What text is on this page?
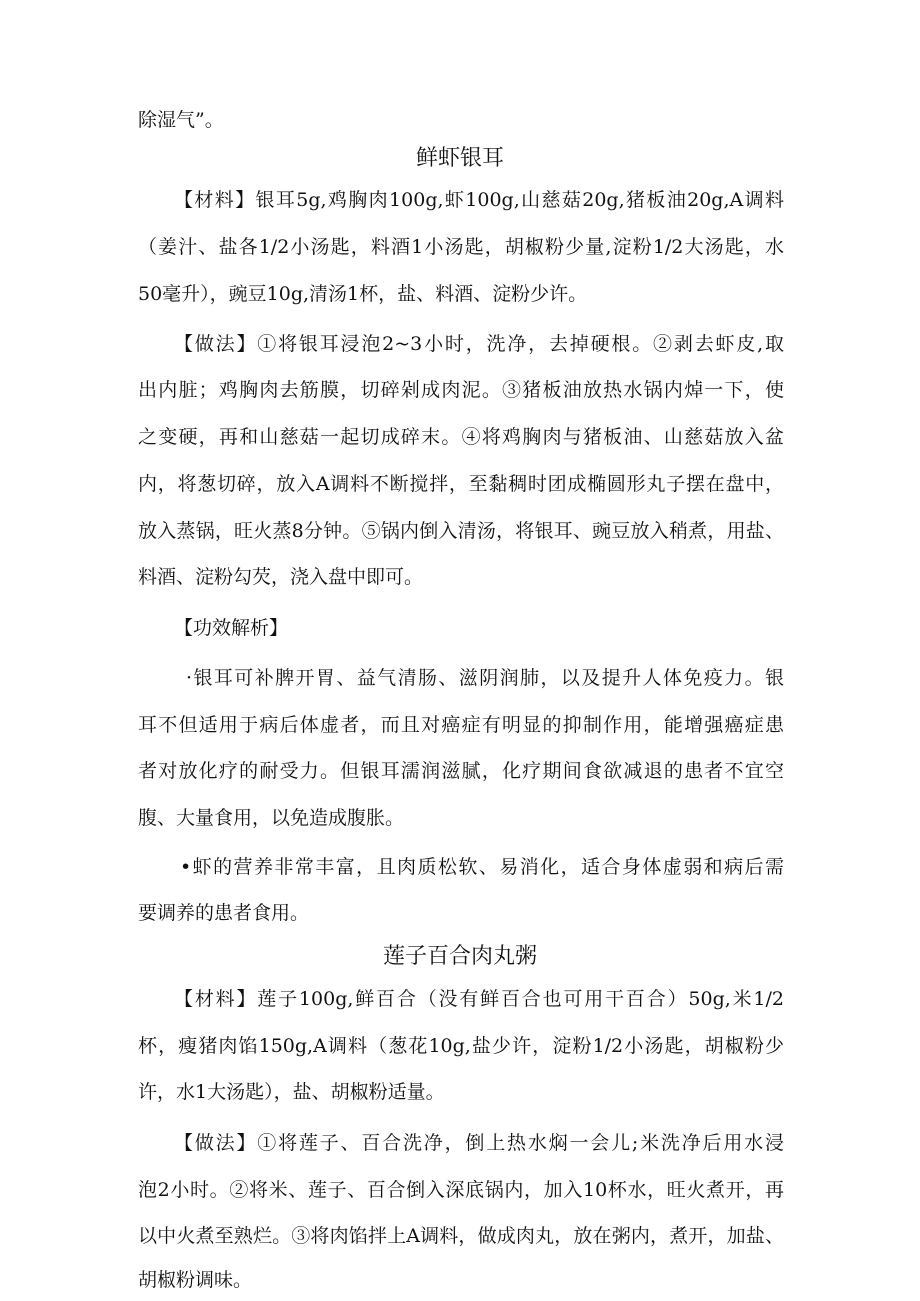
除湿气”。
鲜虾银耳
【材料】银耳5g,鸡胸肉100g,虾100g,山慈菇20g,猪板油20g,A调料
（姜汁、盐各1/2小汤匙，料酒1小汤匙，胡椒粉少量,淀粉1/2大汤匙，水
50毫升），豌豆10g,清汤1杯，盐、料酒、淀粉少许。
【做法】①将银耳浸泡2~3小时，洗净，去掉硬根。②剥去虾皮,取
出内脏；鸡胸肉去筋膜，切碎剁成肉泥。③猪板油放热水锅内焯一下，使
之变硬，再和山慈菇一起切成碎末。④将鸡胸肉与猪板油、山慈菇放入盆
内，将葱切碎，放入A调料不断搅拌，至黏稠时团成椭圆形丸子摆在盘中，
放入蒸锅，旺火蒸8分钟。⑤锅内倒入清汤，将银耳、豌豆放入稍煮，用盐、
料酒、淀粉勾芡，浇入盘中即可。
【功效解析】
·银耳可补脾开胃、益气清肠、滋阴润肺，以及提升人体免疫力。银
耳不但适用于病后体虚者，而且对癌症有明显的抑制作用，能增强癌症患
者对放化疗的耐受力。但银耳濡润滋腻，化疗期间食欲减退的患者不宜空
腹、大量食用，以免造成腹胀。
•虾的营养非常丰富，且肉质松软、易消化，适合身体虚弱和病后需
要调养的患者食用。
莲子百合肉丸粥
【材料】莲子100g,鲜百合（没有鲜百合也可用干百合）50g,米1/2
杯，瘦猪肉馅150g,A调料（葱花10g,盐少许，淀粉1/2小汤匙，胡椒粉少
许，水1大汤匙），盐、胡椒粉适量。
【做法】①将莲子、百合洗净，倒上热水焖一会儿;米洗净后用水浸
泡2小时。②将米、莲子、百合倒入深底锅内，加入10杯水，旺火煮开，再
以中火煮至熟烂。③将肉馅拌上A调料，做成肉丸，放在粥内，煮开，加盐、
胡椒粉调味。
